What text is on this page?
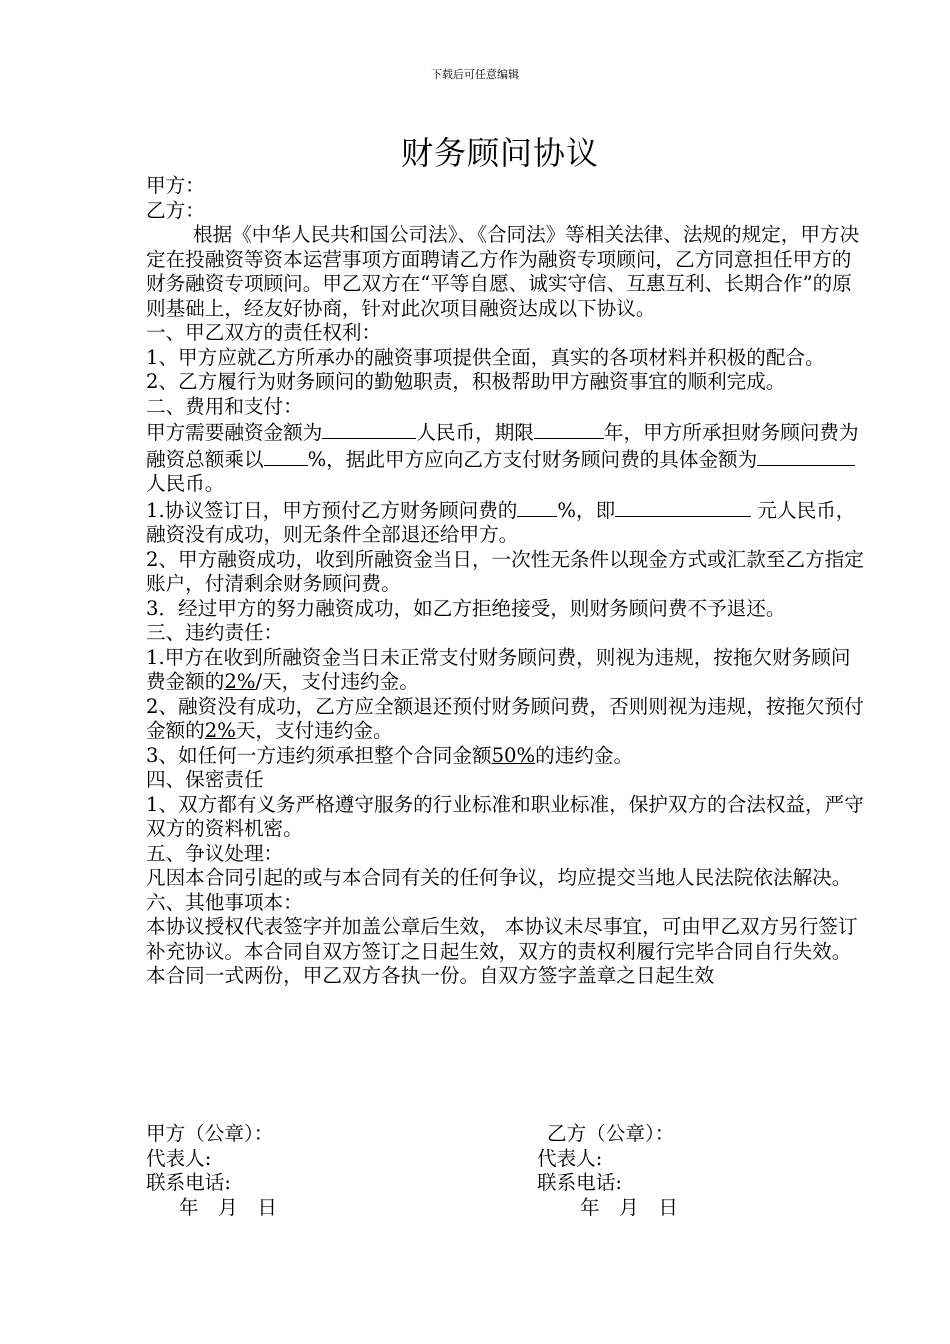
下载后可任意编辑
财务顾问协议

甲方：

乙方：

根据《中华人民共和国公司法》、《合同法》等相关法律、法规的规定，甲方决定在投融资等资本运营事项方面聘请乙方作为融资专项顾问，乙方同意担任甲方的财务融资专项顾问。甲乙双方在“平等自愿、诚实守信、互惠互利、长期合作”的原则基础上，经友好协商，针对此次项目融资达成以下协议。

一、甲乙双方的责任权利：

1、甲方应就乙方所承办的融资事项提供全面，真实的各项材料并积极的配合。

2、乙方履行为财务顾问的勤勉职责，积极帮助甲方融资事宜的顺利完成。

二、费用和支付：

甲方需要融资金额为	人民币，期限	年，甲方所承担财务顾问费为融资总额乘以 %，据此甲方应向乙方支付财务顾问费的具体金额为人民币。

1.协议签订日，甲方预付乙方财务顾问费的 %，即	元人民币，融资没有成功，则无条件全部退还给甲方。

2、甲方融资成功，收到所融资金当日，一次性无条件以现金方式或汇款至乙方指定账户，付清剩余财务顾问费。

3．经过甲方的努力融资成功，如乙方拒绝接受，则财务顾问费不予退还。

三、违约责任：

1.甲方在收到所融资金当日未正常支付财务顾问费，则视为违规，按拖欠财务顾问费金额的2%/天，支付违约金。

2、融资没有成功，乙方应全额退还预付财务顾问费，否则则视为违规，按拖欠预付金额的2%天，支付违约金。

3、如任何一方违约须承担整个合同金额50%的违约金。

四、保密责任

1、双方都有义务严格遵守服务的行业标准和职业标准，保护双方的合法权益，严守双方的资料机密。

五、争议处理：

凡因本合同引起的或与本合同有关的任何争议，均应提交当地人民法院依法解决。

六、其他事项本：

本协议授权代表签字并加盖公章后生效， 本协议未尽事宜，可由甲乙双方另行签订补充协议。本合同自双方签订之日起生效，双方的责权利履行完毕合同自行失效。

本合同一式两份，甲乙双方各执一份。自双方签字盖章之日起生效

甲方（公章）：
代表人:
联系电话:
年　月　日
乙方（公章）：
代表人:
联系电话:
年　月　日
